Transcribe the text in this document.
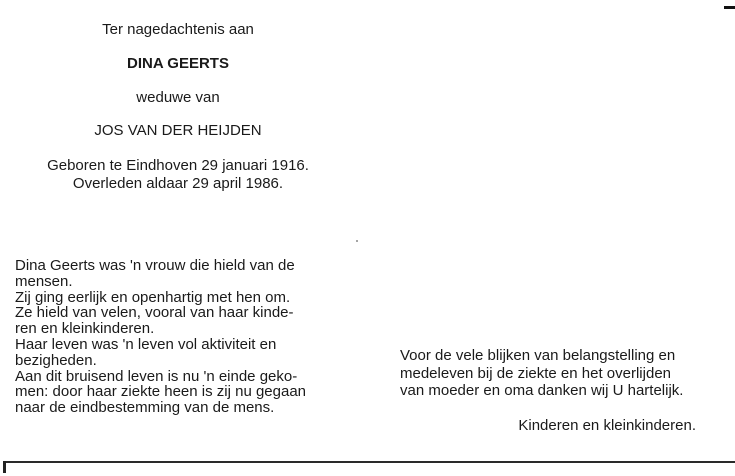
Ter nagedachtenis aan
DINA GEERTS
weduwe van
JOS VAN DER HEIJDEN
Geboren te Eindhoven 29 januari 1916.
Overleden aldaar 29 april 1986.
Dina Geerts was 'n vrouw die hield van de
mensen.
Zij ging eerlijk en openhartig met hen om.
Ze hield van velen, vooral van haar kinde-
ren en kleinkinderen.
Haar leven was 'n leven vol aktiviteit en
bezigheden.
Aan dit bruisend leven is nu 'n einde geko-
men: door haar ziekte heen is zij nu gegaan
naar de eindbestemming van de mens.
Voor de vele blijken van belangstelling en
medeleven bij de ziekte en het overlijden
van moeder en oma danken wij U hartelijk.
Kinderen en kleinkinderen.
